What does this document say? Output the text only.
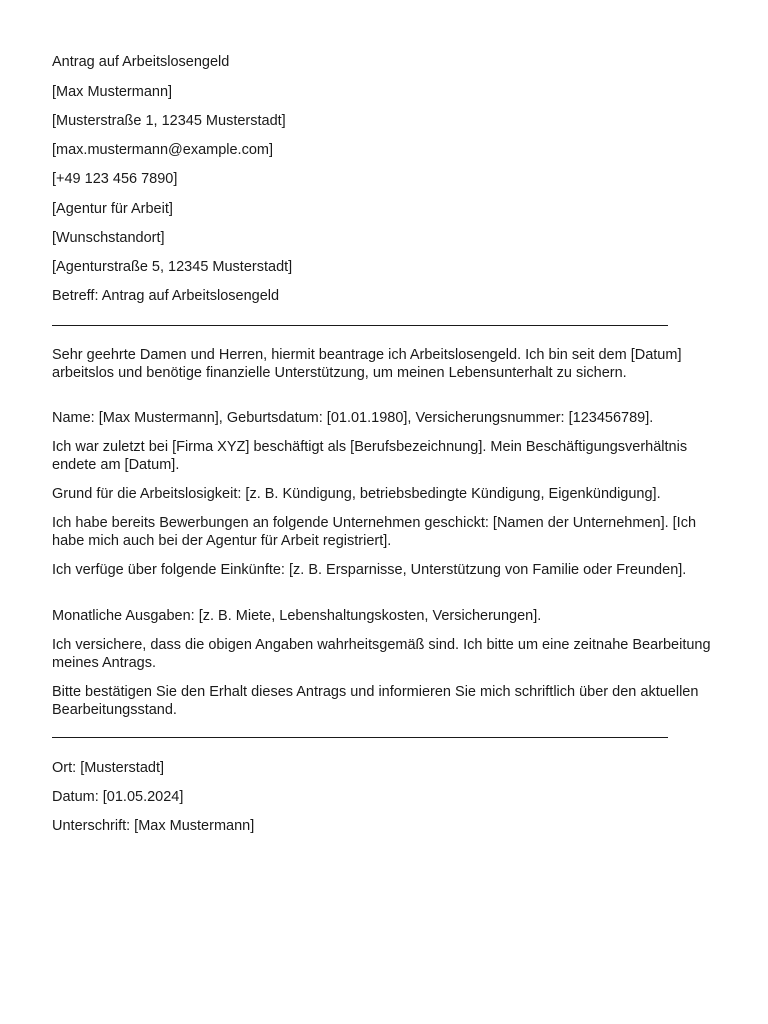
Antrag auf Arbeitslosengeld
[Max Mustermann]
[Musterstraße 1, 12345 Musterstadt]
[max.mustermann@example.com]
[+49 123 456 7890]
[Agentur für Arbeit]
[Wunschstandort]
[Agenturstraße 5, 12345 Musterstadt]
Betreff: Antrag auf Arbeitslosengeld
Sehr geehrte Damen und Herren, hiermit beantrage ich Arbeitslosengeld. Ich bin seit dem [Datum] arbeitslos und benötige finanzielle Unterstützung, um meinen Lebensunterhalt zu sichern.
Name: [Max Mustermann], Geburtsdatum: [01.01.1980], Versicherungsnummer: [123456789].
Ich war zuletzt bei [Firma XYZ] beschäftigt als [Berufsbezeichnung]. Mein Beschäftigungsverhältnis endete am [Datum].
Grund für die Arbeitslosigkeit: [z. B. Kündigung, betriebsbedingte Kündigung, Eigenkündigung].
Ich habe bereits Bewerbungen an folgende Unternehmen geschickt: [Namen der Unternehmen]. [Ich habe mich auch bei der Agentur für Arbeit registriert].
Ich verfüge über folgende Einkünfte: [z. B. Ersparnisse, Unterstützung von Familie oder Freunden].
Monatliche Ausgaben: [z. B. Miete, Lebenshaltungskosten, Versicherungen].
Ich versichere, dass die obigen Angaben wahrheitsgemäß sind. Ich bitte um eine zeitnahe Bearbeitung meines Antrags.
Bitte bestätigen Sie den Erhalt dieses Antrags und informieren Sie mich schriftlich über den aktuellen Bearbeitungsstand.
Ort: [Musterstadt]
Datum: [01.05.2024]
Unterschrift: [Max Mustermann]
